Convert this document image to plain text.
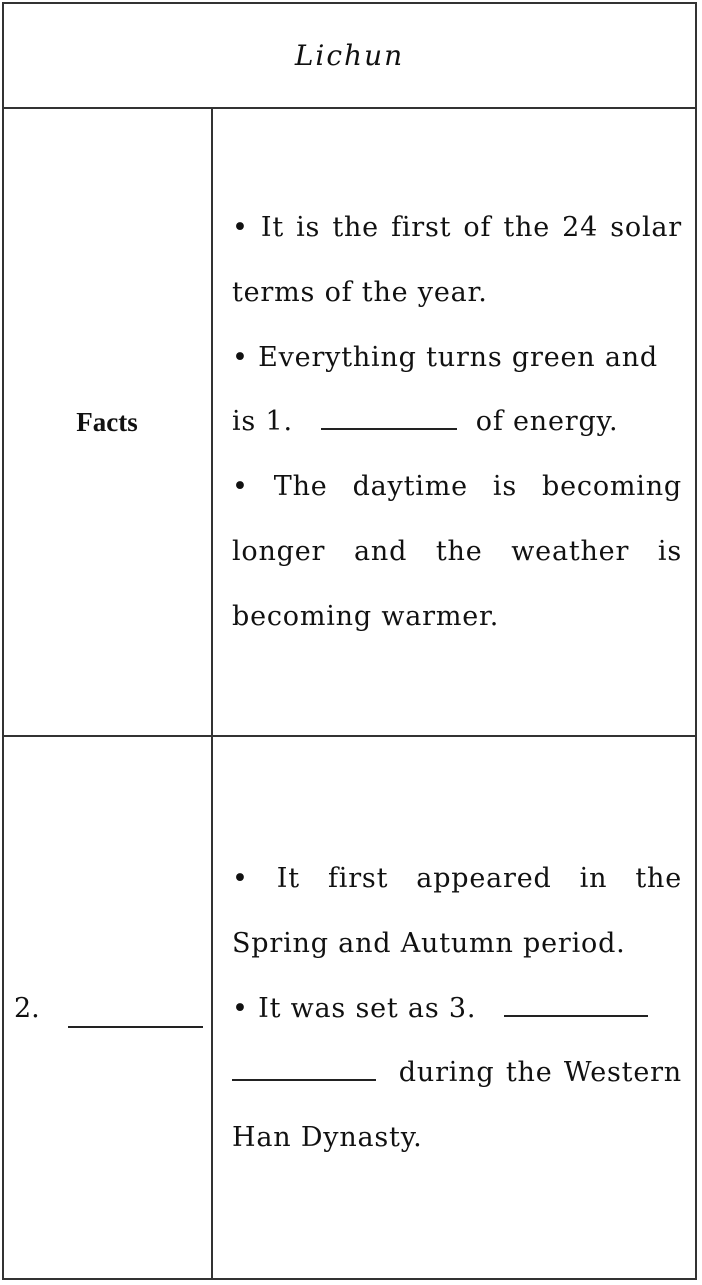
Lichun
Facts

• It is the first of the 24 solar terms of the year.

• Everything turns green and
is 1.	of energy.

• The daytime is becoming longer and the weather is becoming warmer.

2.

• It first appeared in the Spring and Autumn period.

• It was set as 3.
during the Western Han Dynasty.
